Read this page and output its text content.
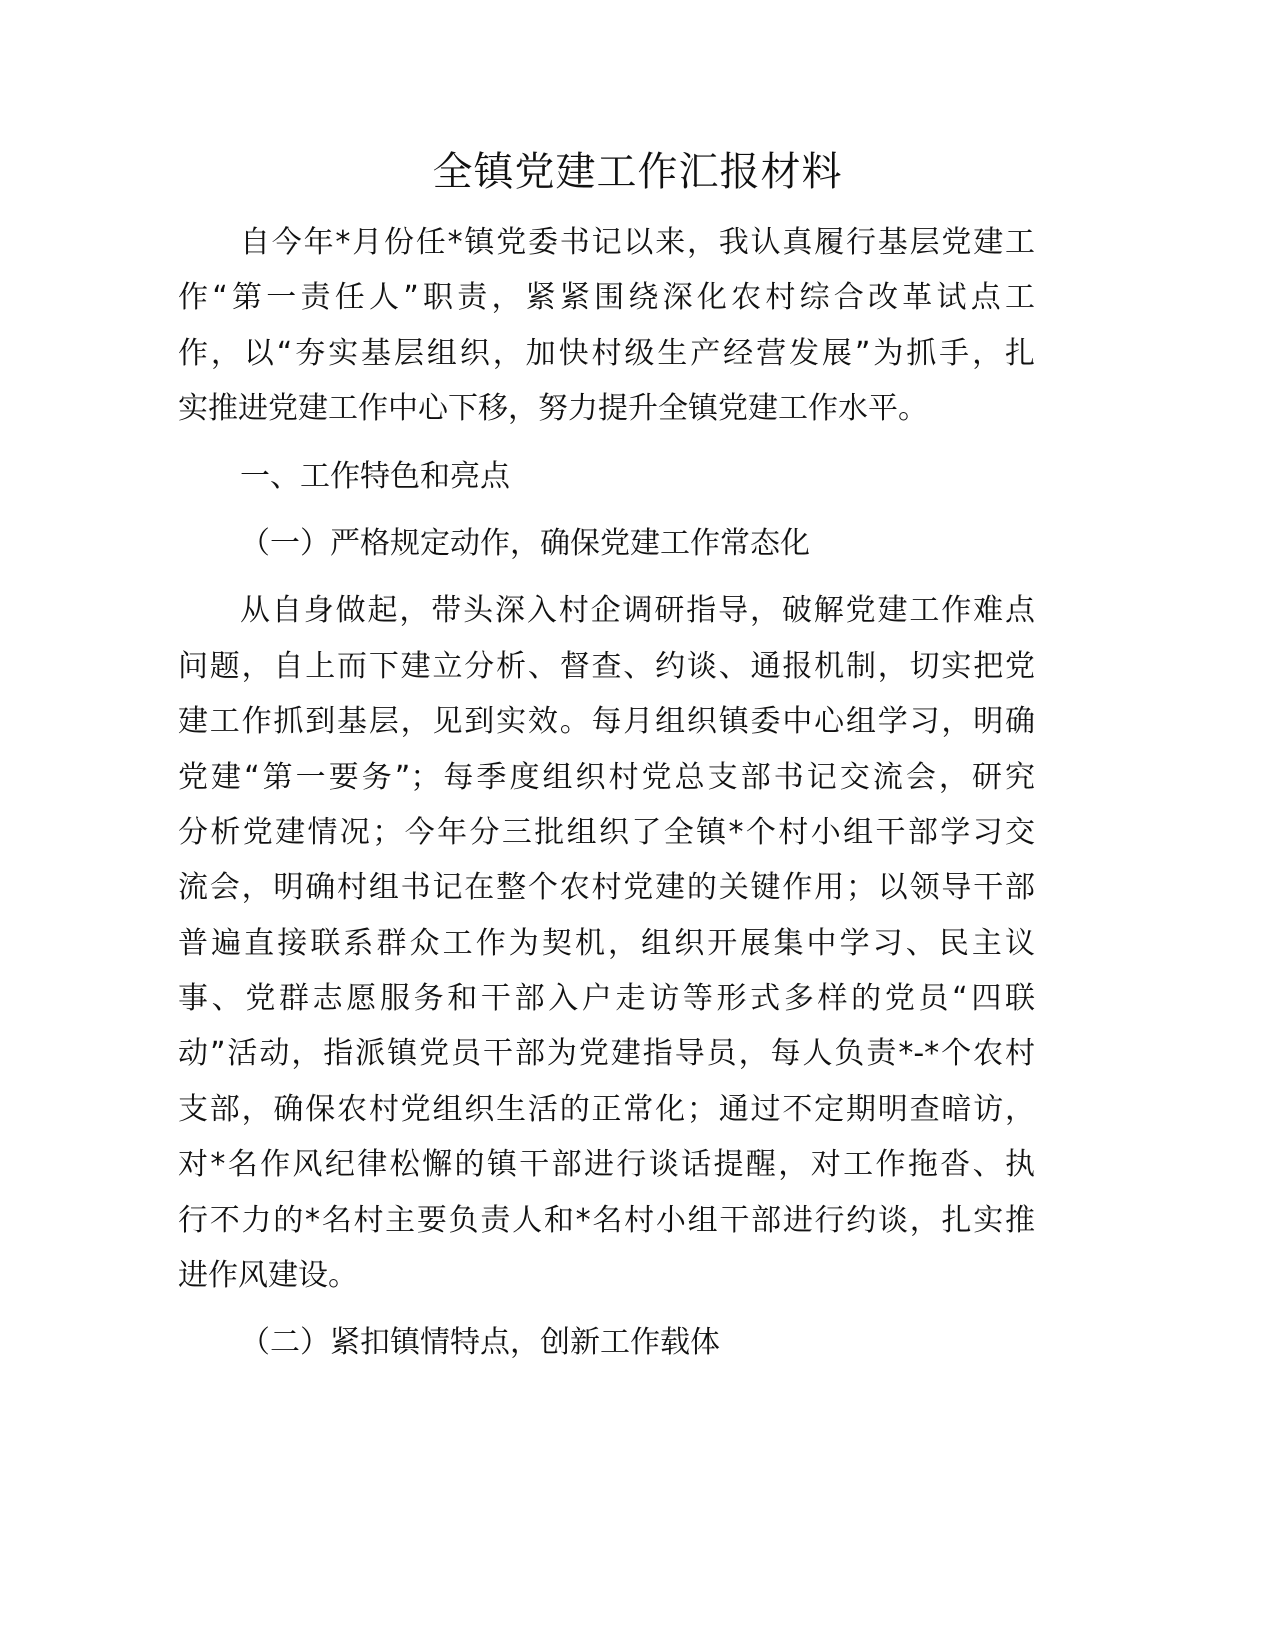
全镇党建工作汇报材料
自今年*月份任*镇党委书记以来，我认真履行基层党建工
作“第一责任人”职责，紧紧围绕深化农村综合改革试点工
作，以“夯实基层组织，加快村级生产经营发展”为抓手，扎
实推进党建工作中心下移，努力提升全镇党建工作水平。
一、工作特色和亮点
（一）严格规定动作，确保党建工作常态化
从自身做起，带头深入村企调研指导，破解党建工作难点
问题，自上而下建立分析、督查、约谈、通报机制，切实把党
建工作抓到基层，见到实效。每月组织镇委中心组学习，明确
党建“第一要务”；每季度组织村党总支部书记交流会，研究
分析党建情况；今年分三批组织了全镇*个村小组干部学习交
流会，明确村组书记在整个农村党建的关键作用；以领导干部
普遍直接联系群众工作为契机，组织开展集中学习、民主议
事、党群志愿服务和干部入户走访等形式多样的党员“四联
动”活动，指派镇党员干部为党建指导员，每人负责*-*个农村
支部，确保农村党组织生活的正常化；通过不定期明查暗访，
对*名作风纪律松懈的镇干部进行谈话提醒，对工作拖沓、执
行不力的*名村主要负责人和*名村小组干部进行约谈，扎实推
进作风建设。
（二）紧扣镇情特点，创新工作载体
